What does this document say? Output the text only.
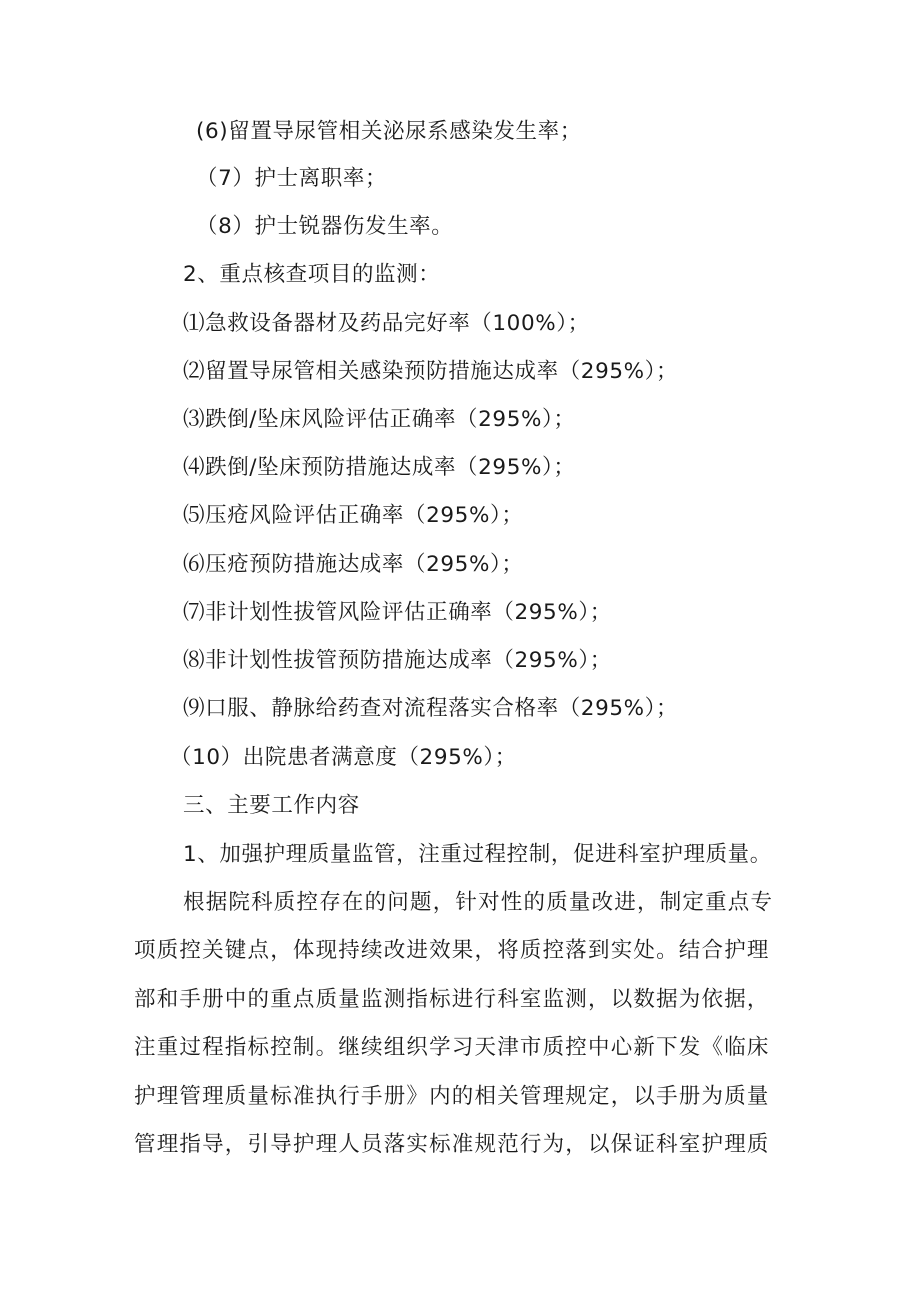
(6)留置导尿管相关泌尿系感染发生率；
（7）护士离职率；
（8）护士锐器伤发生率。
2、重点核查项目的监测：
⑴急救设备器材及药品完好率（100%）；
⑵留置导尿管相关感染预防措施达成率（295%）；
⑶跌倒/坠床风险评估正确率（295%）；
⑷跌倒/坠床预防措施达成率（295%）；
⑸压疮风险评估正确率（295%）；
⑹压疮预防措施达成率（295%）；
⑺非计划性拔管风险评估正确率（295%）；
⑻非计划性拔管预防措施达成率（295%）；
⑼口服、静脉给药查对流程落实合格率（295%）；
（10）出院患者满意度（295%）；
三、主要工作内容
1、加强护理质量监管，注重过程控制，促进科室护理质量。
根据院科质控存在的问题，针对性的质量改进，制定重点专
项质控关键点，体现持续改进效果，将质控落到实处。结合护理
部和手册中的重点质量监测指标进行科室监测，以数据为依据，
注重过程指标控制。继续组织学习天津市质控中心新下发《临床
护理管理质量标准执行手册》内的相关管理规定，以手册为质量
管理指导，引导护理人员落实标准规范行为，以保证科室护理质
